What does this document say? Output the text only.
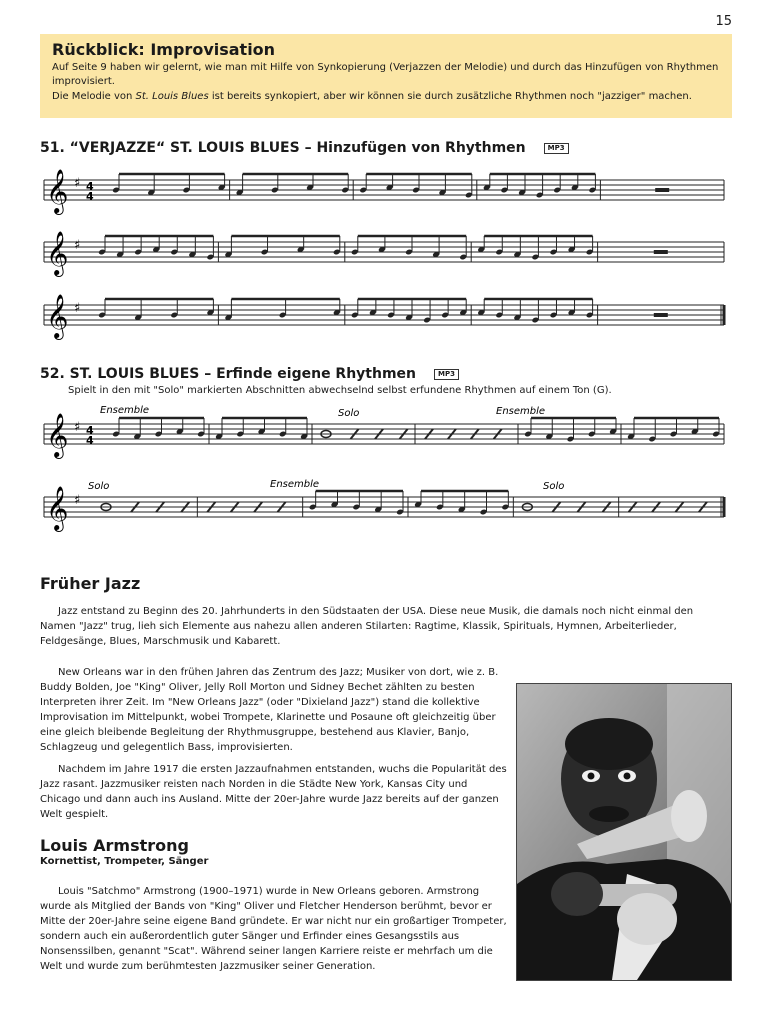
15
Rückblick: Improvisation

Auf Seite 9 haben wir gelernt, wie man mit Hilfe von Synkopierung (Verjazzen der Melodie) und durch das Hinzufügen von Rhythmen improvisiert.

Die Melodie von St. Louis Blues ist bereits synkopiert, aber wir können sie durch zusätzliche Rhythmen noch "jazziger" machen.

51. “VERJAZZE“ ST. LOUIS BLUES – Hinzufügen von Rhythmen	MP3
𝄞 ♯ 4
4
𝄞 ♯
𝄞 ♯
52. ST. LOUIS BLUES – Erfinde eigene Rhythmen	MP3
Spielt in den mit "Solo" markierten Abschnitten abwechselnd selbst erfundene Rhythmen auf einem Ton (G).
𝄞 ♯ 4
4
𝄞 ♯
Ensemble	Solo	Ensemble
Solo	Ensemble	Solo
Früher Jazz

Jazz entstand zu Beginn des 20. Jahrhunderts in den Südstaaten der USA. Diese neue Musik, die damals noch nicht einmal den Namen "Jazz" trug, lieh sich Elemente aus nahezu allen anderen Stilarten: Ragtime, Klassik, Spirituals, Hymnen, Arbeiterlieder, Feldgesänge, Blues, Marschmusik und Kabarett.

New Orleans war in den frühen Jahren das Zentrum des Jazz; Musiker von dort, wie z. B. Buddy Bolden, Joe "King" Oliver, Jelly Roll Morton und Sidney Bechet zählten zu besten Interpreten ihrer Zeit. Im "New Orleans Jazz" (oder "Dixieland Jazz") stand die kollektive Improvisation im Mittelpunkt, wobei Trompete, Klarinette und Posaune oft gleichzeitig über eine gleich bleibende Begleitung der Rhythmusgruppe, bestehend aus Klavier, Banjo, Schlagzeug und gelegentlich Bass, improvisierten.

Nachdem im Jahre 1917 die ersten Jazzaufnahmen entstanden, wuchs die Popularität des Jazz rasant. Jazzmusiker reisten nach Norden in die Städte New York, Kansas City und Chicago und dann auch ins Ausland. Mitte der 20er-Jahre wurde Jazz bereits auf der ganzen Welt gespielt.

Louis Armstrong
Kornettist, Trompeter, Sänger

Louis "Satchmo" Armstrong (1900–1971) wurde in New Orleans geboren. Armstrong wurde als Mitglied der Bands von "King" Oliver und Fletcher Henderson berühmt, bevor er Mitte der 20er-Jahre seine eigene Band gründete. Er war nicht nur ein großartiger Trompeter, sondern auch ein außerordentlich guter Sänger und Erfinder eines Gesangsstils aus Nonsenssilben, genannt "Scat". Während seiner langen Karriere reiste er mehrfach um die Welt und wurde zum berühmtesten Jazzmusiker seiner Generation.
